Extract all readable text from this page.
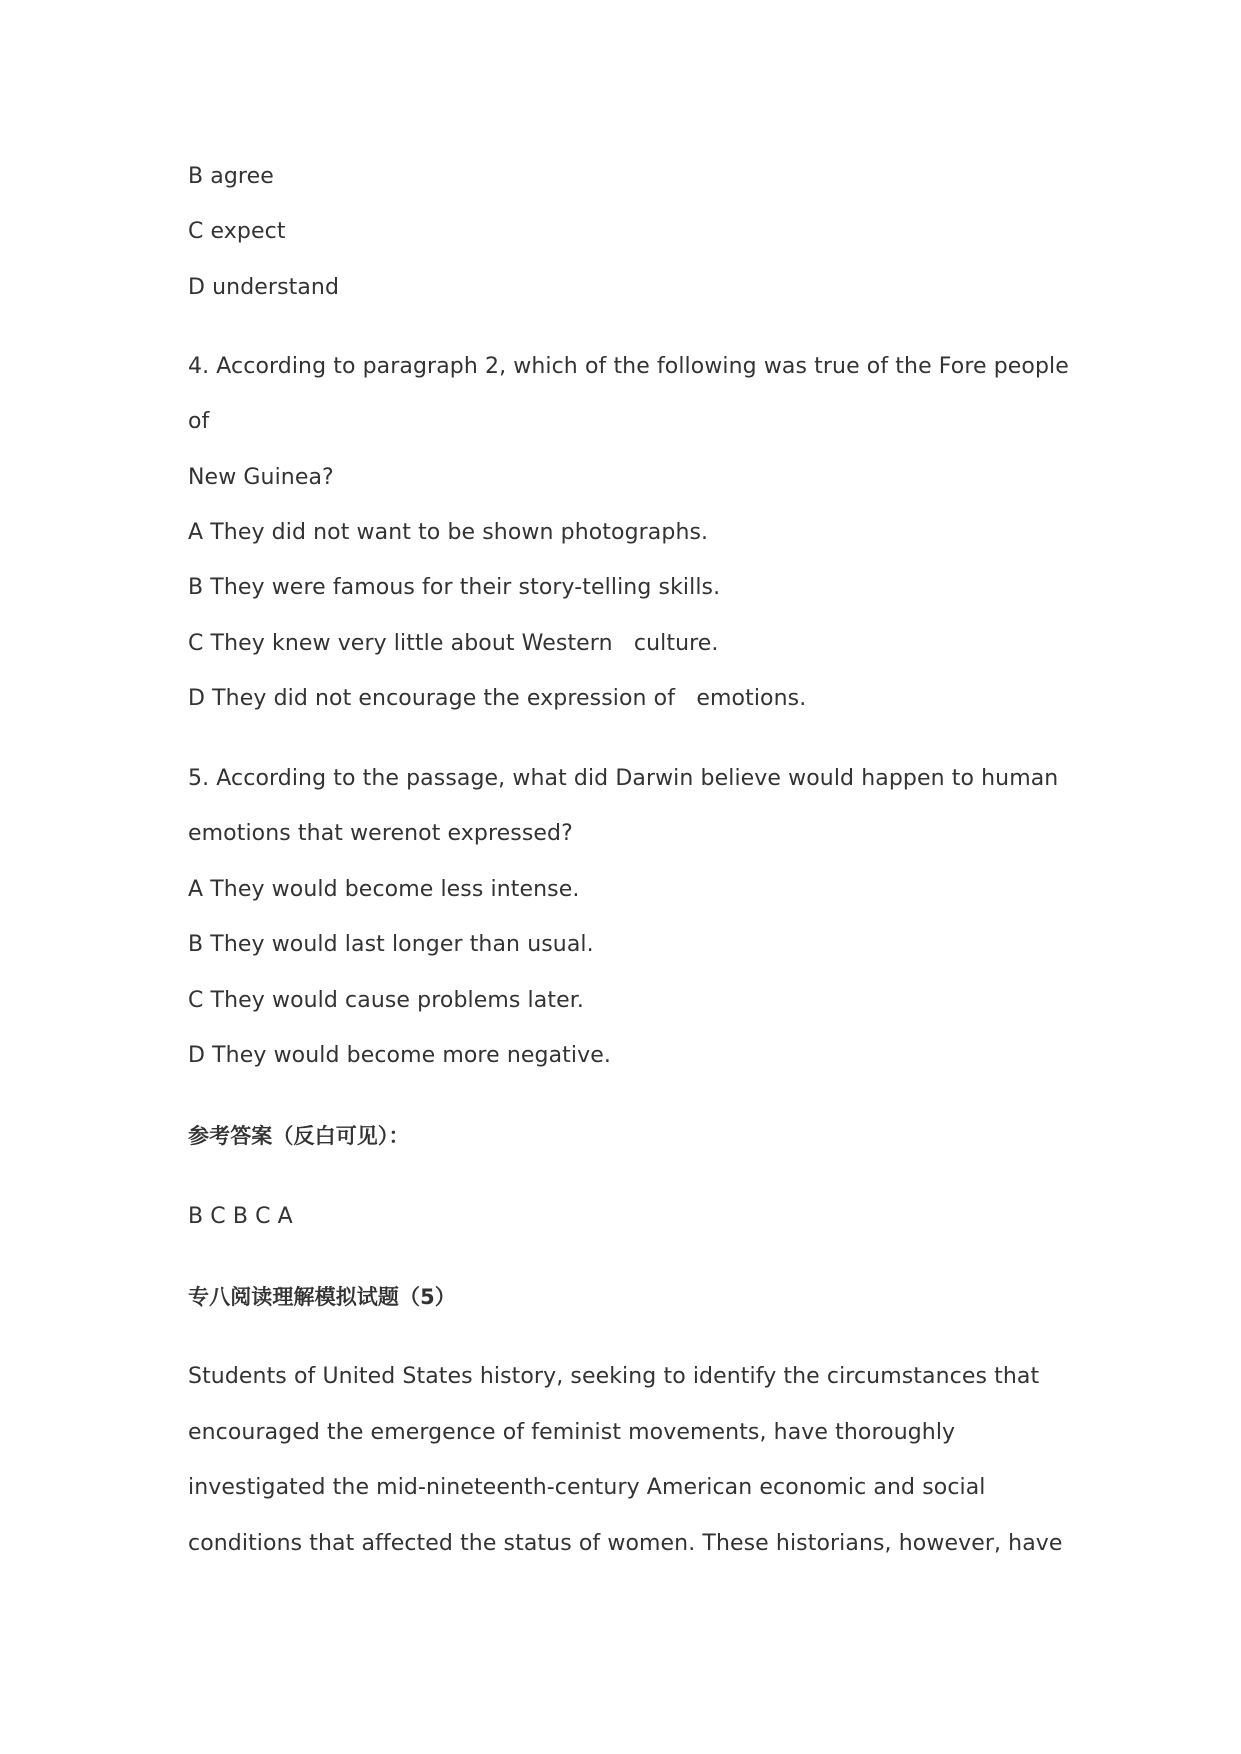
B agree
C expect
D understand
4. According to paragraph 2, which of the following was true of the Fore people
of
New Guinea?
A They did not want to be shown photographs.
B They were famous for their story-telling skills.
C They knew very little about Western   culture.
D They did not encourage the expression of   emotions.
5. According to the passage, what did Darwin believe would happen to human
emotions that werenot expressed?
A They would become less intense.
B They would last longer than usual.
C They would cause problems later.
D They would become more negative.
参考答案（反白可见）：
B C B C A
专八阅读理解模拟试题（5）
Students of United States history, seeking to identify the circumstances that
encouraged the emergence of feminist movements, have thoroughly
investigated the mid-nineteenth-century American economic and social
conditions that affected the status of women. These historians, however, have
